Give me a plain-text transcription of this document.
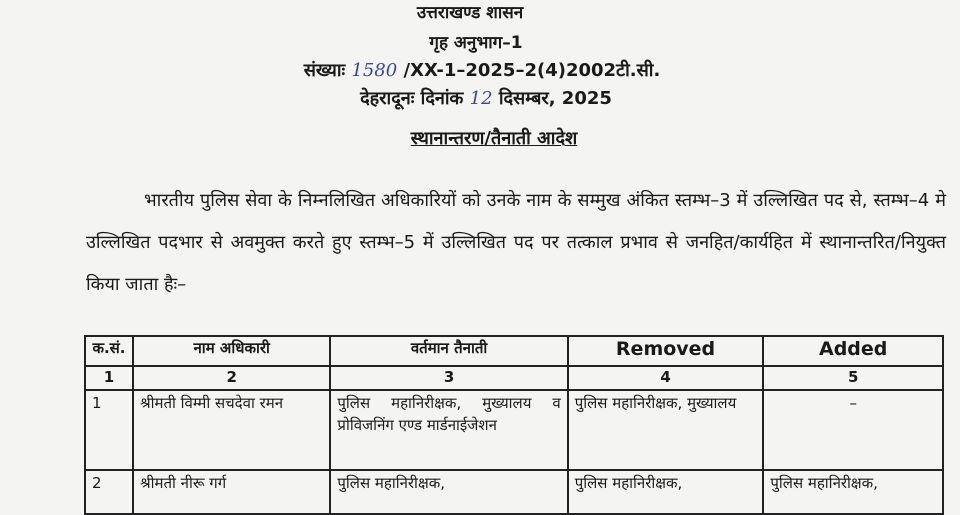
उत्तराखण्ड शासन
गृह अनुभाग–1
संख्याः 1580 /XX-1–2025–2(4)2002टी.सी.
देहरादूनः दिनांक 12 दिसम्बर, 2025
स्थानान्तरण/तैनाती आदेश
भारतीय पुलिस सेवा के निम्नलिखित अधिकारियों को उनके नाम के सम्मुख अंकित स्तम्भ–3 में उल्लिखित पद से, स्तम्भ–4 मे उल्लिखित पदभार से अवमुक्त करते हुए स्तम्भ–5 में उल्लिखित पद पर तत्काल प्रभाव से जनहित/कार्यहित में स्थानान्तरित/नियुक्त किया जाता हैः–
क.सं.	नाम अधिकारी	वर्तमान तैनाती	Removed	Added
1	2	3	4	5
1	श्रीमती विम्मी सचदेवा रमन	पुलिस महानिरीक्षक, मुख्यालय व प्रोविजनिंग एण्ड मार्डनाईजेशन	पुलिस महानिरीक्षक, मुख्यालय	–
2	श्रीमती नीरू गर्ग	पुलिस महानिरीक्षक,	पुलिस महानिरीक्षक,	पुलिस महानिरीक्षक,
